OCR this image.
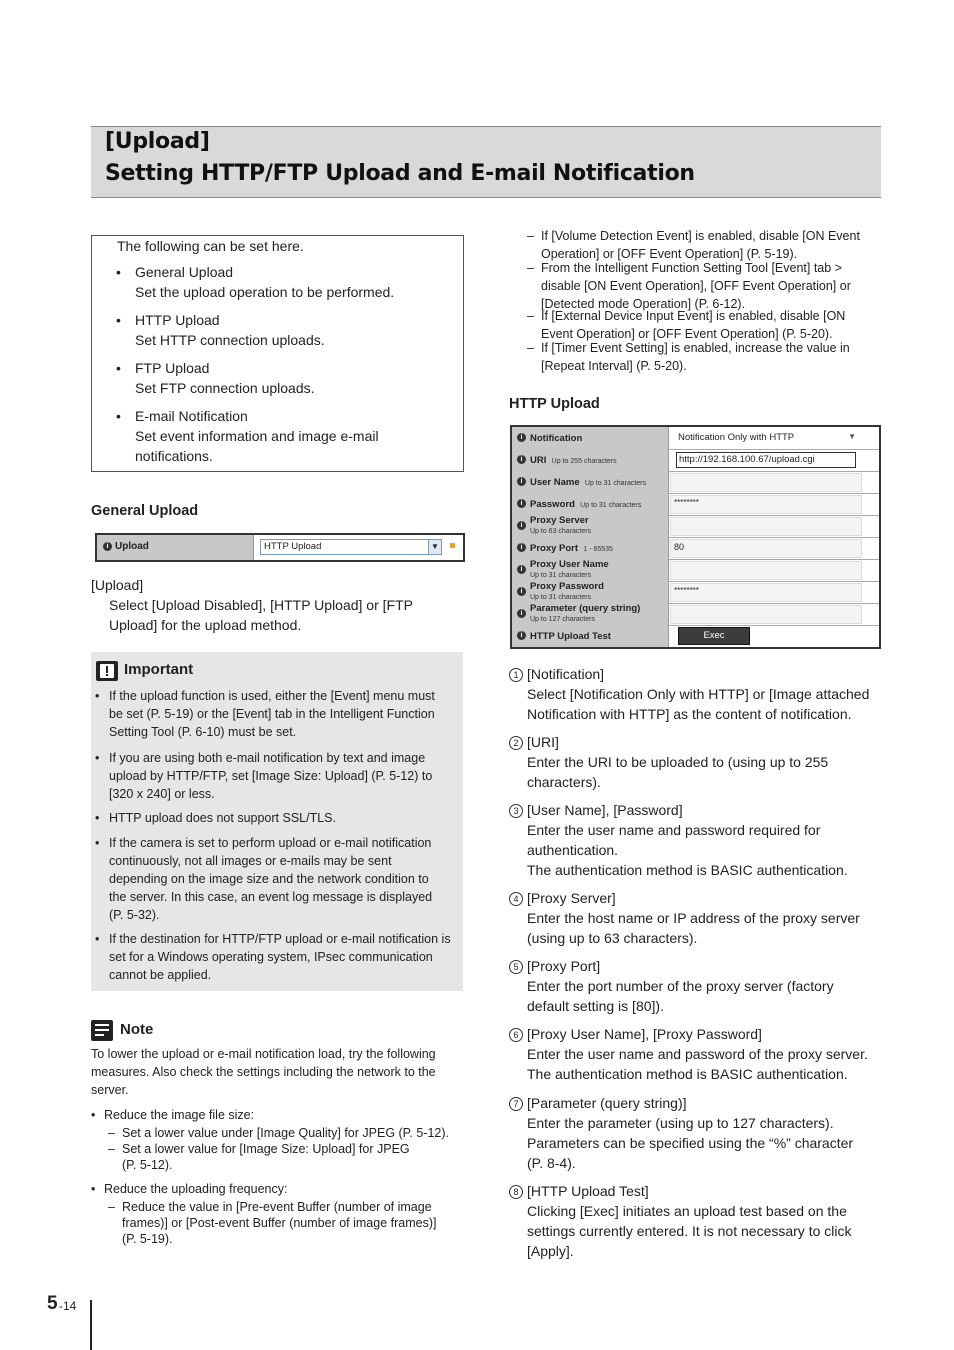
[Upload]
Setting HTTP/FTP Upload and E-mail Notification

The following can be set here.

• General Upload

Set the upload operation to be performed.

• HTTP Upload

Set HTTP connection uploads.

• FTP Upload

Set FTP connection uploads.

• E-mail Notification

Set event information and image e-mail

notifications.

General Upload
i Upload	HTTP Upload	▼
[Upload]
Select [Upload Disabled], [HTTP Upload] or [FTP
Upload] for the upload method.
Important
• If the upload function is used, either the [Event] menu must
be set (P. 5-19) or the [Event] tab in the Intelligent Function
Setting Tool (P. 6-10) must be set.
• If you are using both e-mail notification by text and image
upload by HTTP/FTP, set [Image Size: Upload] (P. 5-12) to
[320 x 240] or less.
• HTTP upload does not support SSL/TLS.
• If the camera is set to perform upload or e-mail notification
continuously, not all images or e-mails may be sent
depending on the image size and the network condition to
the server. In this case, an event log message is displayed
(P. 5-32).
• If the destination for HTTP/FTP upload or e-mail notification is
set for a Windows operating system, IPsec communication
cannot be applied.
Note
To lower the upload or e-mail notification load, try the following
measures. Also check the settings including the network to the
server.
• Reduce the image file size:
– Set a lower value under [Image Quality] for JPEG (P. 5-12).
– Set a lower value for [Image Size: Upload] for JPEG
(P. 5-12).
• Reduce the uploading frequency:
– Reduce the value in [Pre-event Buffer (number of image
frames)] or [Post-event Buffer (number of image frames)]
(P. 5-19).
– If [Volume Detection Event] is enabled, disable [ON Event
Operation] or [OFF Event Operation] (P. 5-19).
– From the Intelligent Function Setting Tool [Event] tab >
disable [ON Event Operation], [OFF Event Operation] or
[Detected mode Operation] (P. 6-12).
– If [External Device Input Event] is enabled, disable [ON
Event Operation] or [OFF Event Operation] (P. 5-20).
– If [Timer Event Setting] is enabled, increase the value in
[Repeat Interval] (P. 5-20).
HTTP Upload
i Notification	Notification Only with HTTP	▼
i URI Up to 255 characters	http://192.168.100.67/upload.cgi
i User Name Up to 31 characters
i Password Up to 31 characters	********
i Proxy Server
Up to 63 characters
i Proxy Port 1 - 65535	80
i Proxy User Name
Up to 31 characters
i Proxy Password
Up to 31 characters
********
i Parameter (query string)
Up to 127 characters
i HTTP Upload Test	Exec
1 [Notification]
Select [Notification Only with HTTP] or [Image attached
Notification with HTTP] as the content of notification.
2 [URI]
Enter the URI to be uploaded to (using up to 255
characters).
3 [User Name], [Password]
Enter the user name and password required for
authentication.
The authentication method is BASIC authentication.
4 [Proxy Server]
Enter the host name or IP address of the proxy server
(using up to 63 characters).
5 [Proxy Port]
Enter the port number of the proxy server (factory
default setting is [80]).
6 [Proxy User Name], [Proxy Password]
Enter the user name and password of the proxy server.
The authentication method is BASIC authentication.
7 [Parameter (query string)]
Enter the parameter (using up to 127 characters).
Parameters can be specified using the “%” character
(P. 8-4).
8 [HTTP Upload Test]
Clicking [Exec] initiates an upload test based on the
settings currently entered. It is not necessary to click
[Apply].
5 -14
